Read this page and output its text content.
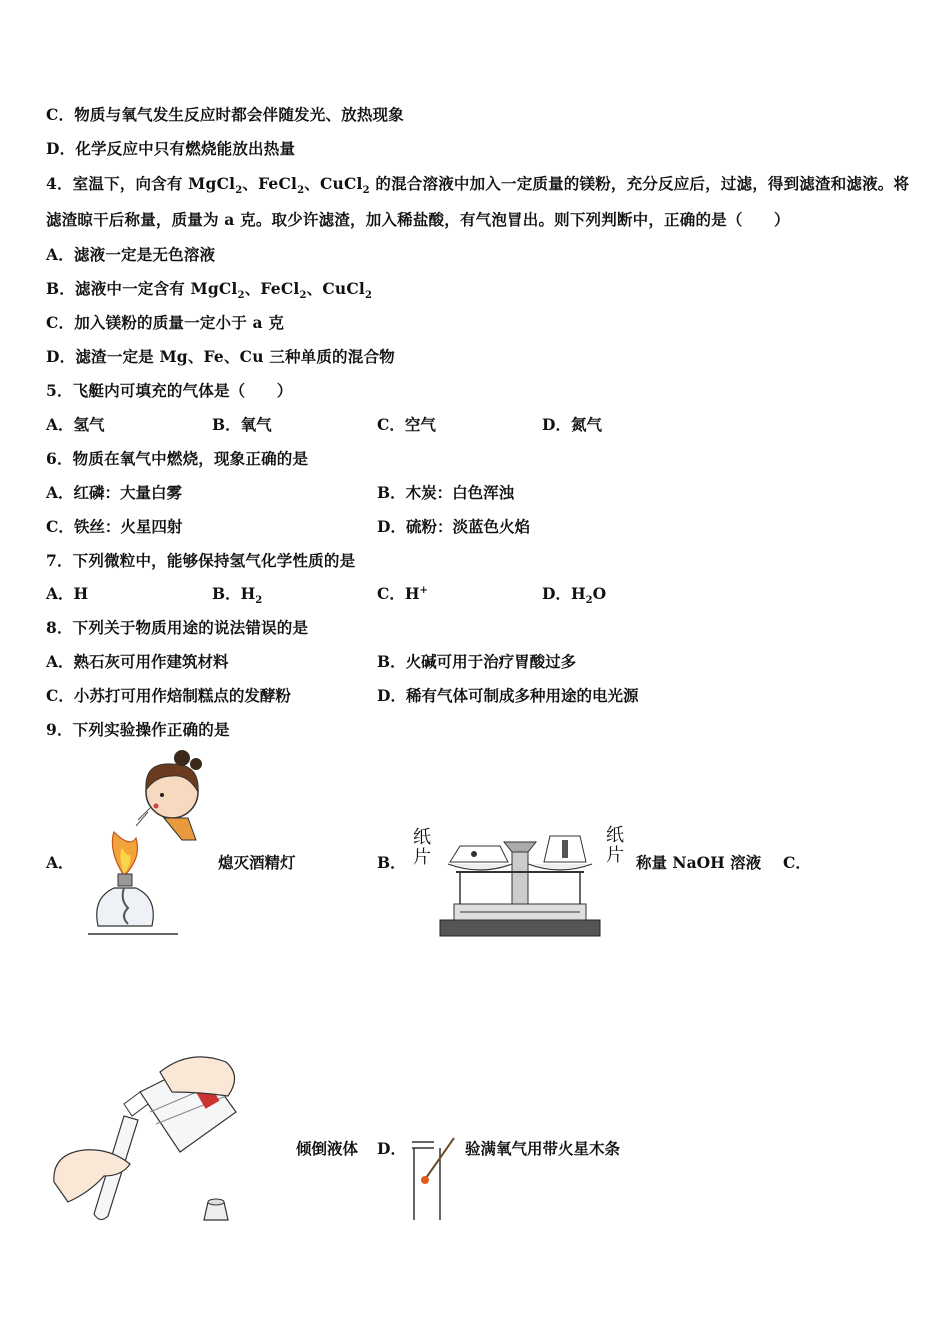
C．物质与氧气发生反应时都会伴随发光、放热现象
D．化学反应中只有燃烧能放出热量
4．室温下，向含有 MgCl$_2$、FeCl$_2$、CuCl$_2$ 的混合溶液中加入一定质量的镁粉，充分反应后，过滤，得到滤渣和滤液。将
滤渣晾干后称量，质量为 a 克。取少许滤渣，加入稀盐酸，有气泡冒出。则下列判断中，正确的是（　　）
A．滤液一定是无色溶液
B．滤液中一定含有 MgCl$_2$、FeCl$_2$、CuCl$_2$
C．加入镁粉的质量一定小于 a 克
D．滤渣一定是 Mg、Fe、Cu 三种单质的混合物
5．飞艇内可填充的气体是（　　）
A．氢气	B．氧气	C．空气	D．氮气
6．物质在氧气中燃烧，现象正确的是
A．红磷：大量白雾	B．木炭：白色浑浊
C．铁丝：火星四射	D．硫粉：淡蓝色火焰
7．下列微粒中，能够保持氢气化学性质的是
A．H	B．$H_2$	C．H+	D．$H_2O$
8．下列关于物质用途的说法错误的是
A．熟石灰可用作建筑材料	B．火碱可用于治疗胃酸过多
C．小苏打可用作焙制糕点的发酵粉	D．稀有气体可制成多种用途的电光源
9．下列实验操作正确的是
A．	熄灭酒精灯	B．
纸片
纸片 称量 NaOH 溶液 C．
倾倒液体 D．	验满氧气用带火星木条
